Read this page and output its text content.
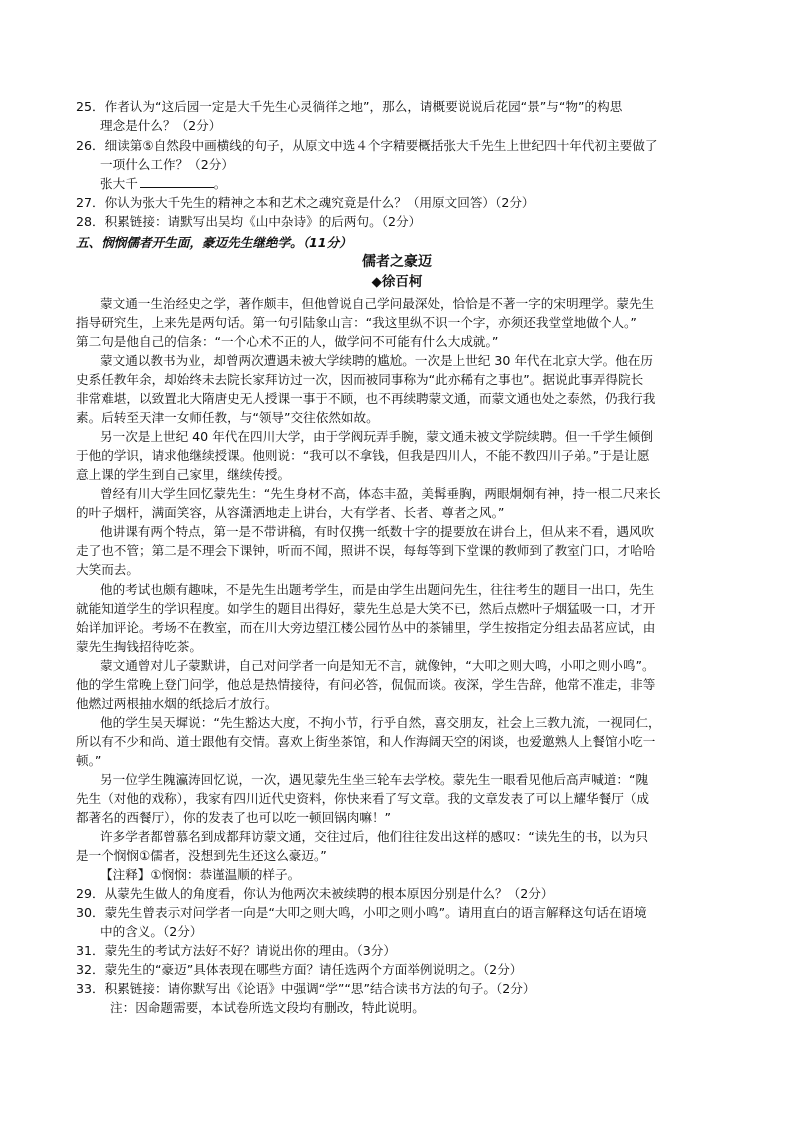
25．作者认为“这后园一定是大千先生心灵徜徉之地”，那么，请概要说说后花园“景”与“物”的构思
理念是什么？（2分）
26．细读第⑤自然段中画横线的句子，从原文中选４个字精要概括张大千先生上世纪四十年代初主要做了
一项什么工作？（2分）
张大千	。
27．你认为张大千先生的精神之本和艺术之魂究竟是什么？（用原文回答）（2分）
28．积累链接：请默写出吴均《山中杂诗》的后两句。（2分）
五、悯悯儒者开生面，豪迈先生继绝学。（11分）
儒者之豪迈
◆徐百柯
蒙文通一生治经史之学，著作颇丰，但他曾说自己学问最深处，恰恰是不著一字的宋明理学。蒙先生
指导研究生，上来先是两句话。第一句引陆象山言：“我这里纵不识一个字，亦须还我堂堂地做个人。”
第二句是他自己的信条：“一个心术不正的人，做学问不可能有什么大成就。”
蒙文通以教书为业，却曾两次遭遇未被大学续聘的尴尬。一次是上世纪 30 年代在北京大学。他在历
史系任教年余，却始终未去院长家拜访过一次，因而被同事称为“此亦稀有之事也”。据说此事弄得院长
非常难堪，以致置北大隋唐史无人授课一事于不顾，也不再续聘蒙文通，而蒙文通也处之泰然，仍我行我
素。后转至天津一女师任教，与“领导”交往依然如故。
另一次是上世纪 40 年代在四川大学，由于学阀玩弄手腕，蒙文通未被文学院续聘。但一千学生倾倒
于他的学识，请求他继续授课。他则说：“我可以不拿钱，但我是四川人，不能不教四川子弟。”于是让愿
意上课的学生到自己家里，继续传授。
曾经有川大学生回忆蒙先生：“先生身材不高，体态丰盈，美髯垂胸，两眼炯炯有神，持一根二尺来长
的叶子烟杆，满面笑容，从容潇洒地走上讲台，大有学者、长者、尊者之风。”
他讲课有两个特点，第一是不带讲稿，有时仅携一纸数十字的提要放在讲台上，但从来不看，遇风吹
走了也不管；第二是不理会下课钟，听而不闻，照讲不误，每每等到下堂课的教师到了教室门口，才哈哈
大笑而去。
他的考试也颇有趣味，不是先生出题考学生，而是由学生出题问先生，往往考生的题目一出口，先生
就能知道学生的学识程度。如学生的题目出得好，蒙先生总是大笑不已，然后点燃叶子烟猛吸一口，才开
始详加评论。考场不在教室，而在川大旁边望江楼公园竹丛中的茶铺里，学生按指定分组去品茗应试，由
蒙先生掏钱招待吃茶。
蒙文通曾对儿子蒙默讲，自己对问学者一向是知无不言，就像钟，“大叩之则大鸣，小叩之则小鸣”。
他的学生常晚上登门问学，他总是热情接待，有问必答，侃侃而谈。夜深，学生告辞，他常不准走，非等
他燃过两根抽水烟的纸捻后才放行。
他的学生吴天墀说：“先生豁达大度，不拘小节，行乎自然，喜交朋友，社会上三教九流，一视同仁，
所以有不少和尚、道士跟他有交情。喜欢上街坐茶馆，和人作海阔天空的闲谈，也爱邀熟人上餐馆小吃一
顿。”
另一位学生隗瀛涛回忆说，一次，遇见蒙先生坐三轮车去学校。蒙先生一眼看见他后高声喊道：“隗
先生（对他的戏称），我家有四川近代史资料，你快来看了写文章。我的文章发表了可以上耀华餐厅（成
都著名的西餐厅），你的发表了也可以吃一顿回锅肉嘛！”
许多学者都曾慕名到成都拜访蒙文通，交往过后，他们往往发出这样的感叹：“读先生的书，以为只
是一个悯悯①儒者，没想到先生还这么豪迈。”
【注释】①悯悯：恭谨温顺的样子。
29．从蒙先生做人的角度看，你认为他两次未被续聘的根本原因分别是什么？（2分）
30．蒙先生曾表示对问学者一向是“大叩之则大鸣，小叩之则小鸣”。请用直白的语言解释这句话在语境
中的含义。（2分）
31．蒙先生的考试方法好不好？请说出你的理由。（3分）
32．蒙先生的“豪迈”具体表现在哪些方面？请任选两个方面举例说明之。（2分）
33．积累链接：请你默写出《论语》中强调“学”“思”结合读书方法的句子。（2分）
注：因命题需要，本试卷所选文段均有删改，特此说明。
